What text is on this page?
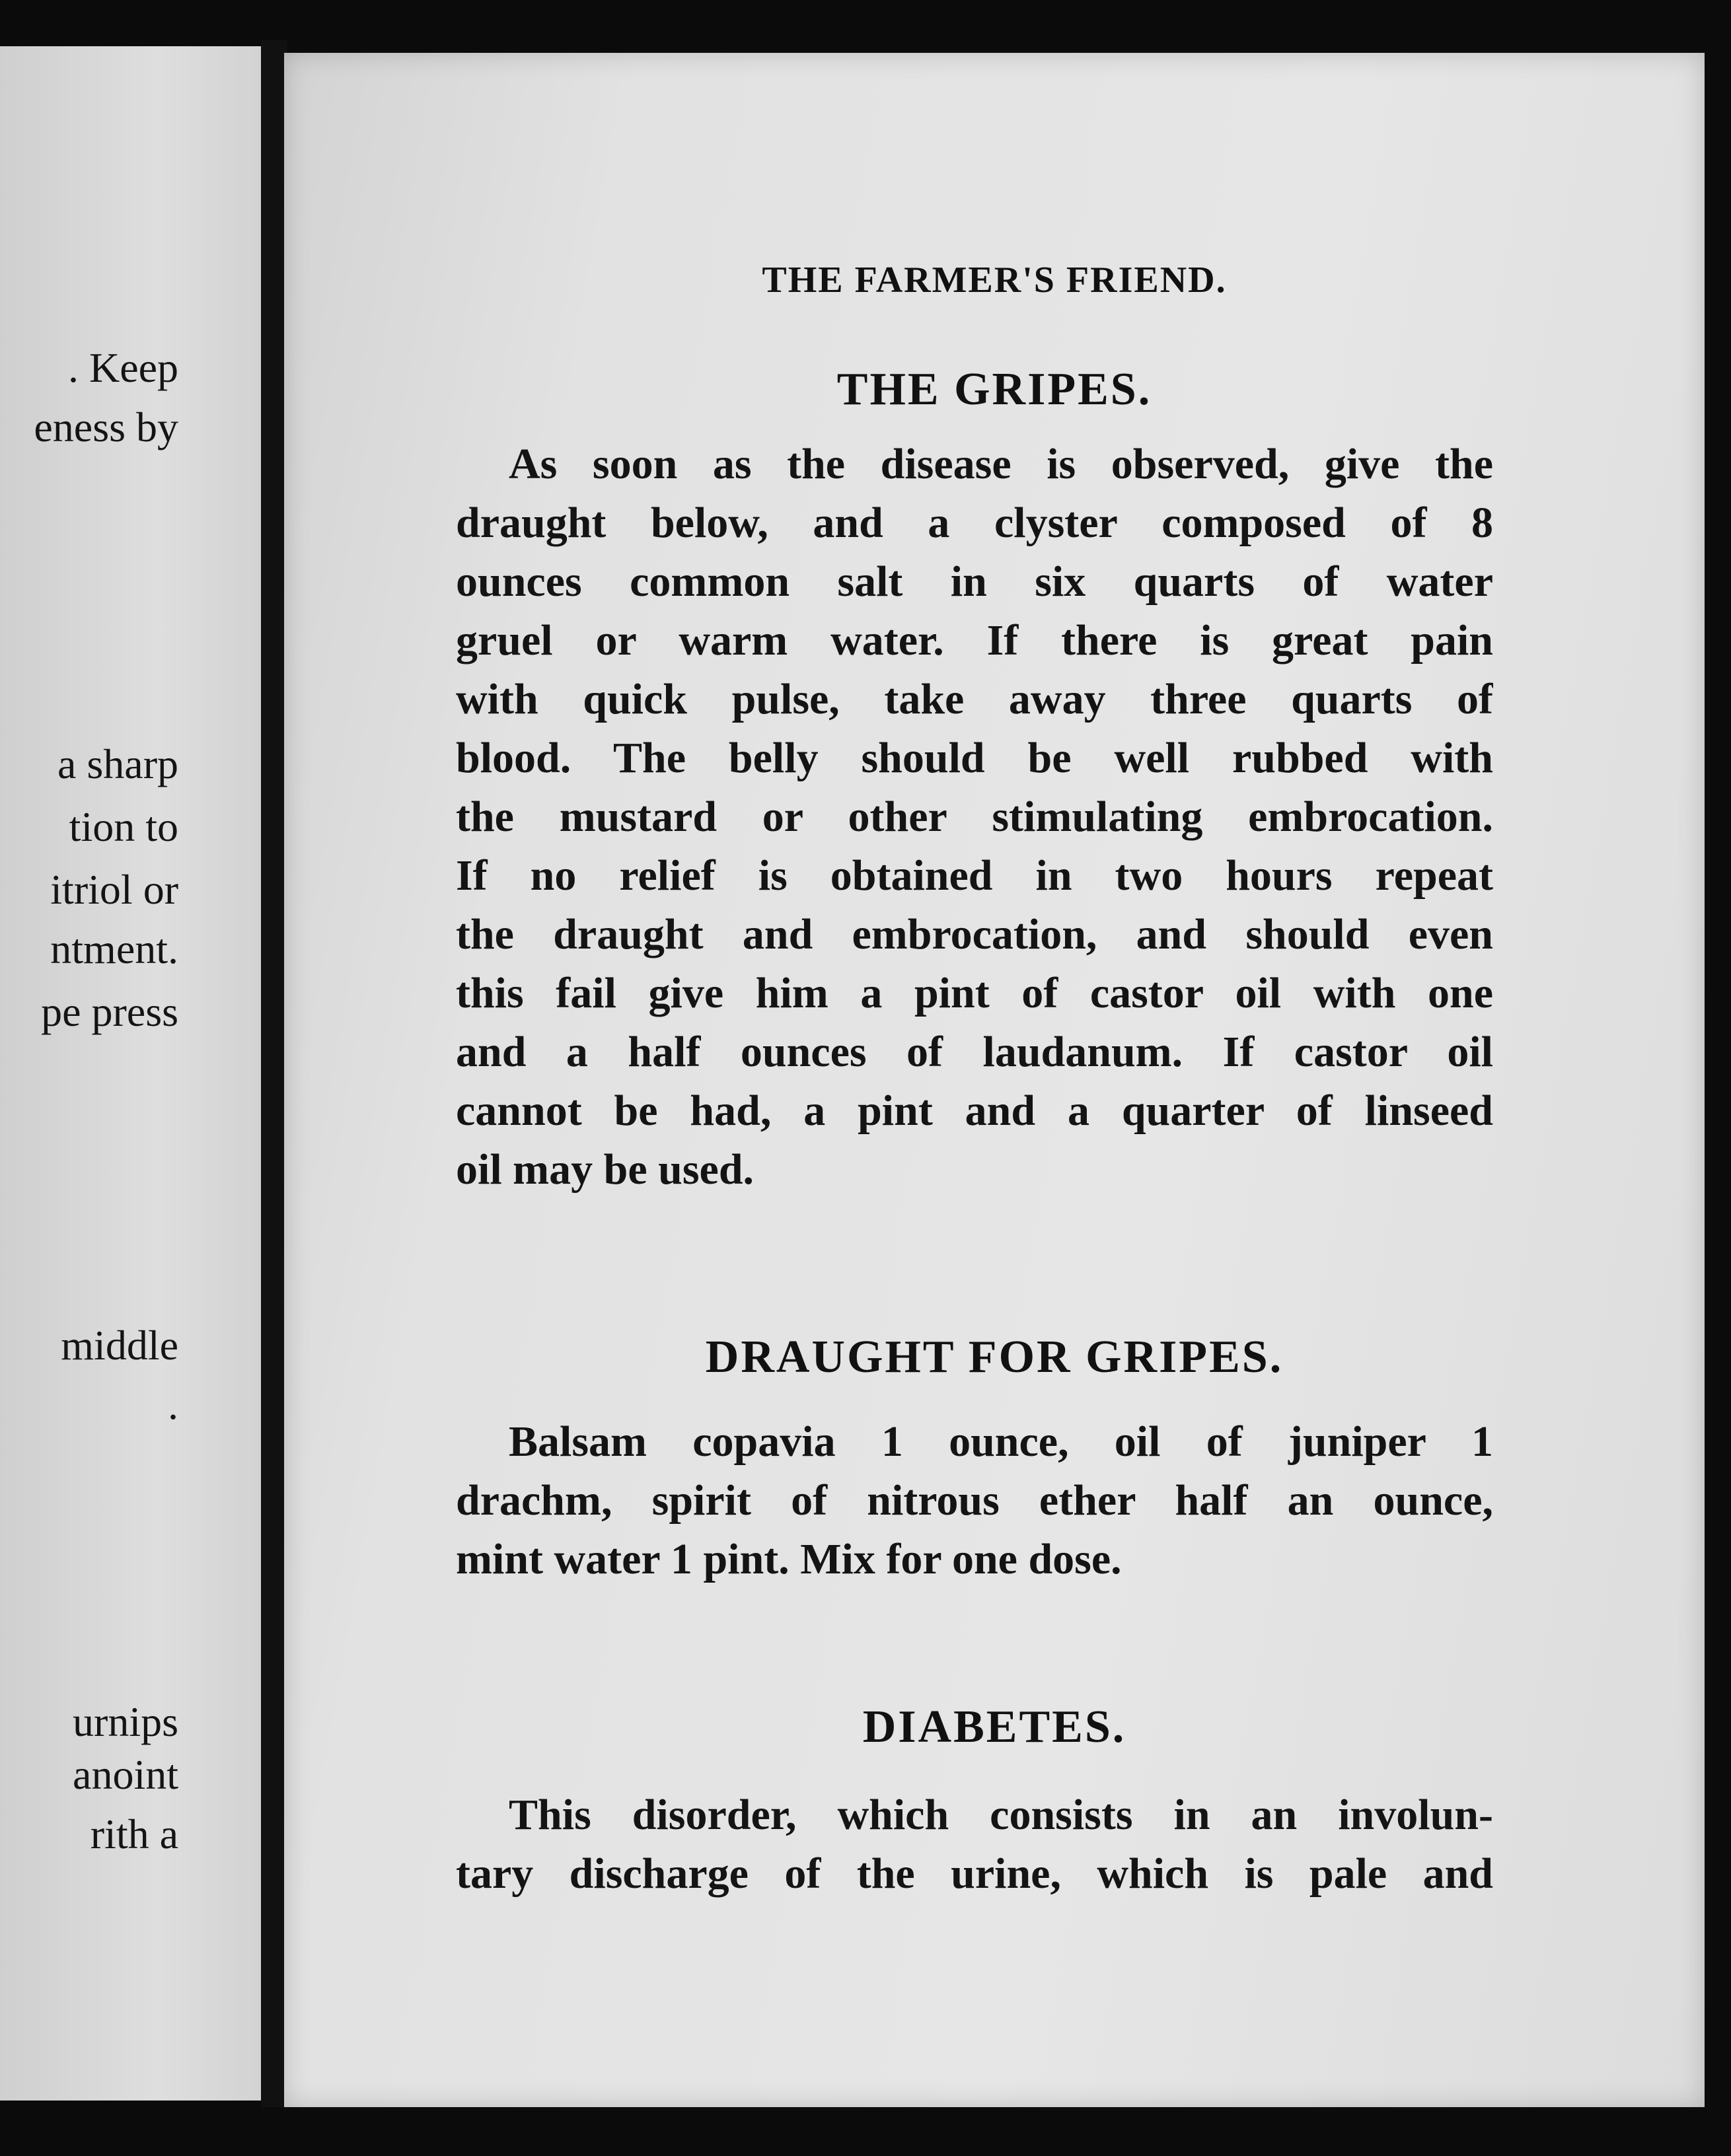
. Keep
eness by
a sharp
tion to
itriol or
ntment.
pe press
middle
.
urnips
anoint
rith a
THE FARMER'S FRIEND.
THE GRIPES.
As soon as the disease is observed, give the
draught below, and a clyster composed of 8
ounces common salt in six quarts of water
gruel or warm water. If there is great pain
with quick pulse, take away three quarts of
blood. The belly should be well rubbed with
the mustard or other stimulating embrocation.
If no relief is obtained in two hours repeat
the draught and embrocation, and should even
this fail give him a pint of castor oil with one
and a half ounces of laudanum. If castor oil
cannot be had, a pint and a quarter of linseed
oil may be used.
DRAUGHT FOR GRIPES.
Balsam copavia 1 ounce, oil of juniper 1
drachm, spirit of nitrous ether half an ounce,
mint water 1 pint. Mix for one dose.
DIABETES.
This disorder, which consists in an involun-
tary discharge of the urine, which is pale and
